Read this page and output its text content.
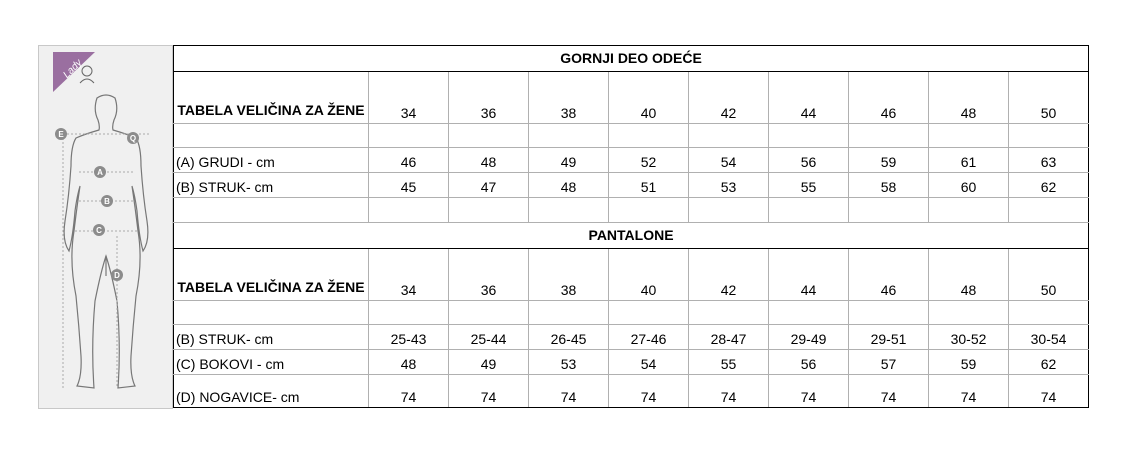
Lady
E	Q
A
B
C
D
GORNJI DEO ODEĆE									
TABELA VELIČINA ZA ŽENE	34	36	38	40	42	44	46	48	50

(A) GRUDI - cm	46	48	49	52	54	56	59	61	63
(B) STRUK- cm	45	47	48	51	53	55	58	60	62

PANTALONE									
TABELA VELIČINA ZA ŽENE	34	36	38	40	42	44	46	48	50

(B) STRUK- cm	25-43	25-44	26-45	27-46	28-47	29-49	29-51	30-52	30-54
(C) BOKOVI - cm	48	49	53	54	55	56	57	59	62
(D) NOGAVICE- cm	74	74	74	74	74	74	74	74	74
